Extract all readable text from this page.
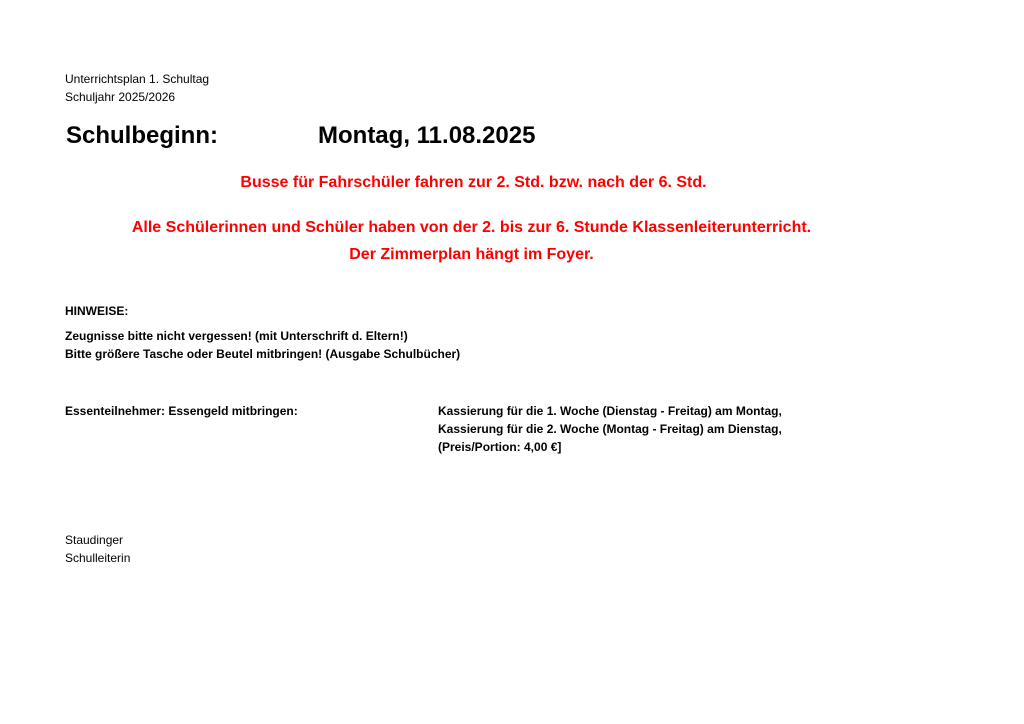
Unterrichtsplan 1. Schultag
Schuljahr 2025/2026
Schulbeginn:	Montag, 11.08.2025
Busse für Fahrschüler fahren zur 2. Std. bzw. nach der 6. Std.
Alle Schülerinnen und Schüler haben von der 2. bis zur 6. Stunde Klassenleiterunterricht.
Der Zimmerplan hängt im Foyer.
HINWEISE:
Zeugnisse bitte nicht vergessen! (mit Unterschrift d. Eltern!)
Bitte größere Tasche oder Beutel mitbringen! (Ausgabe Schulbücher)
Essenteilnehmer: Essengeld mitbringen:	Kassierung für die 1. Woche (Dienstag - Freitag) am Montag,
Kassierung für die 2. Woche (Montag - Freitag) am Dienstag,
(Preis/Portion: 4,00 €]
Staudinger
Schulleiterin
